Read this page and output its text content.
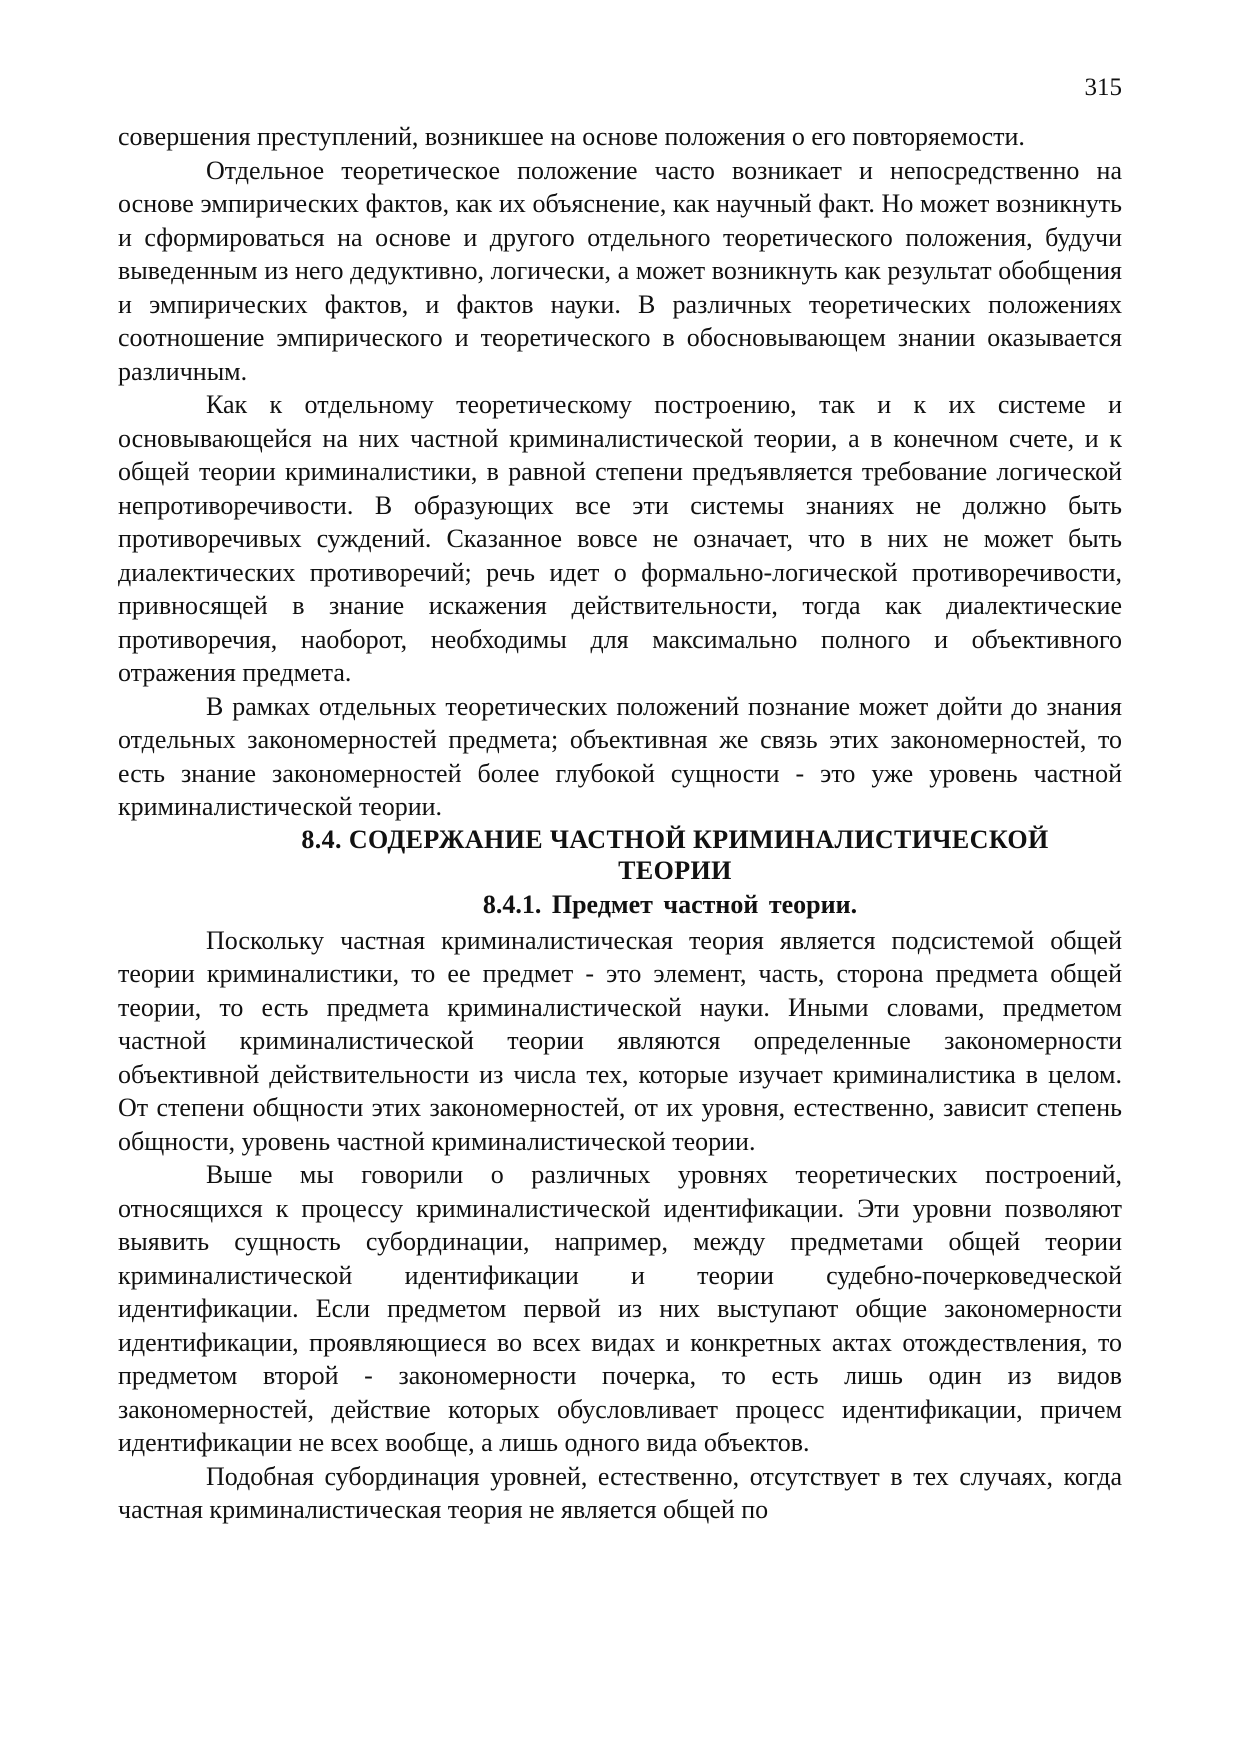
315

совершения преступлений, возникшее на основе положения о его повторяемости.

Отдельное теоретическое положение часто возникает и непосредственно на основе эмпирических фактов, как их объяснение, как научный факт. Но может возникнуть и сформироваться на основе и другого отдельного теоретического положения, будучи выведенным из него дедуктивно, логически, а может возникнуть как результат обобщения и эмпирических фактов, и фактов науки. В различных теоретических положениях соотношение эмпирического и теоретического в обосновывающем знании оказывается различным.

Как к отдельному теоретическому построению, так и к их системе и основывающейся на них частной криминалистической теории, а в конечном счете, и к общей теории криминалистики, в равной степени предъявляется требование логической непротиворечивости. В образующих все эти системы знаниях не должно быть противоречивых суждений. Сказанное вовсе не означает, что в них не может быть диалектических противоречий; речь идет о формально-логической противоречивости, привносящей в знание искажения действительности, тогда как диалектические противоречия, наоборот, необходимы для максимально полного и объективного отражения предмета.

В рамках отдельных теоретических положений познание может дойти до знания отдельных закономерностей предмета; объективная же связь этих закономерностей, то есть знание закономерностей более глубокой сущности - это уже уровень частной криминалистической теории.

8.4. СОДЕРЖАНИЕ ЧАСТНОЙ КРИМИНАЛИСТИЧЕСКОЙ
ТЕОРИИ
8.4.1. Предмет частной теории.

Поскольку частная криминалистическая теория является подсистемой общей теории криминалистики, то ее предмет - это элемент, часть, сторона предмета общей теории, то есть предмета криминалистической науки. Иными словами, предметом частной криминалистической теории являются определенные закономерности объективной действительности из числа тех, которые изучает криминалистика в целом. От степени общности этих закономерностей, от их уровня, естественно, зависит степень общности, уровень частной криминалистической теории.

Выше мы говорили о различных уровнях теоретических построений, относящихся к процессу криминалистической идентификации. Эти уровни позволяют выявить сущность субординации, например, между предметами общей теории криминалистической идентификации и теории судебно-почерковедческой идентификации. Если предметом первой из них выступают общие закономерности идентификации, проявляющиеся во всех видах и конкретных актах отождествления, то предметом второй - закономерности почерка, то есть лишь один из видов закономерностей, действие которых обусловливает процесс идентификации, причем идентификации не всех вообще, а лишь одного вида объектов.

Подобная субординация уровней, естественно, отсутствует в тех случаях, когда частная криминалистическая теория не является общей по
